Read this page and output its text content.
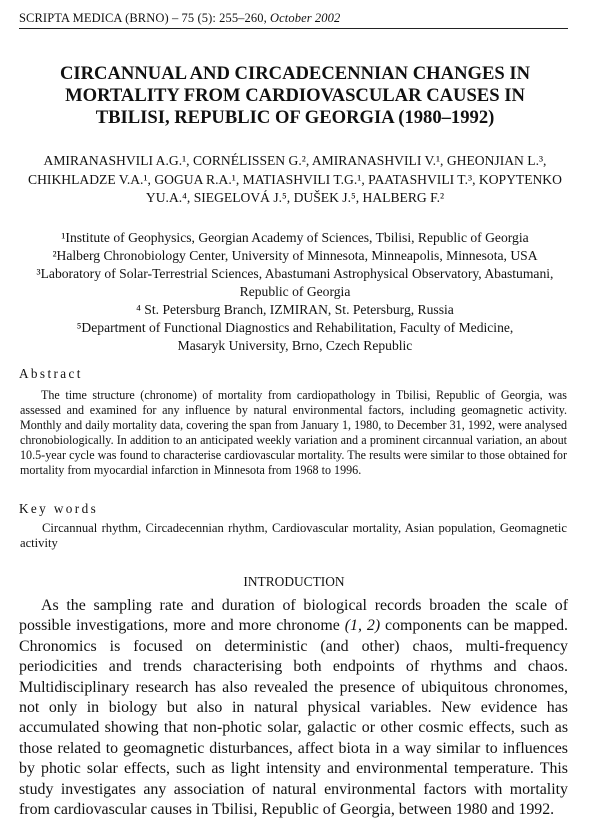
SCRIPTA MEDICA (BRNO) – 75 (5): 255–260, October 2002
CIRCANNUAL AND CIRCADECENNIAN CHANGES IN
MORTALITY FROM CARDIOVASCULAR CAUSES IN
TBILISI, REPUBLIC OF GEORGIA (1980–1992)
AMIRANASHVILI A.G.¹, CORNÉLISSEN G.², AMIRANASHVILI V.¹, GHEONJIAN L.³,
CHIKHLADZE V.A.¹, GOGUA R.A.¹, MATIASHVILI T.G.¹, PAATASHVILI T.³, KOPYTENKO
YU.A.⁴, SIEGELOVÁ J.⁵, DUŠEK J.⁵, HALBERG F.²
¹Institute of Geophysics, Georgian Academy of Sciences, Tbilisi, Republic of Georgia
²Halberg Chronobiology Center, University of Minnesota, Minneapolis, Minnesota, USA
³Laboratory of Solar-Terrestrial Sciences, Abastumani Astrophysical Observatory, Abastumani,
Republic of Georgia
⁴ St. Petersburg Branch, IZMIRAN, St. Petersburg, Russia
⁵Department of Functional Diagnostics and Rehabilitation, Faculty of Medicine,
Masaryk University, Brno, Czech Republic
Abstract
The time structure (chronome) of mortality from cardiopathology in Tbilisi, Republic of Georgia, was assessed and examined for any influence by natural environmental factors, including geomagnetic activity. Monthly and daily mortality data, covering the span from January 1, 1980, to December 31, 1992, were analysed chronobiologically. In addition to an anticipated weekly variation and a prominent circannual variation, an about 10.5-year cycle was found to characterise cardiovascular mortality. The results were similar to those obtained for mortality from myocardial infarction in Minnesota from 1968 to 1996.
Key words
Circannual rhythm, Circadecennian rhythm, Cardiovascular mortality, Asian population, Geomagnetic activity
INTRODUCTION
As the sampling rate and duration of biological records broaden the scale of possible investigations, more and more chronome (1, 2) components can be mapped. Chronomics is focused on deterministic (and other) chaos, multi-frequency periodicities and trends characterising both endpoints of rhythms and chaos. Multidisciplinary research has also revealed the presence of ubiquitous chronomes, not only in biology but also in natural physical variables. New evidence has accumulated showing that non-photic solar, galactic or other cosmic effects, such as those related to geomagnetic disturbances, affect biota in a way similar to influences by photic solar effects, such as light intensity and environmental temperature. This study investigates any association of natural environmental factors with mortality from cardiovascular causes in Tbilisi, Republic of Georgia, between 1980 and 1992.
